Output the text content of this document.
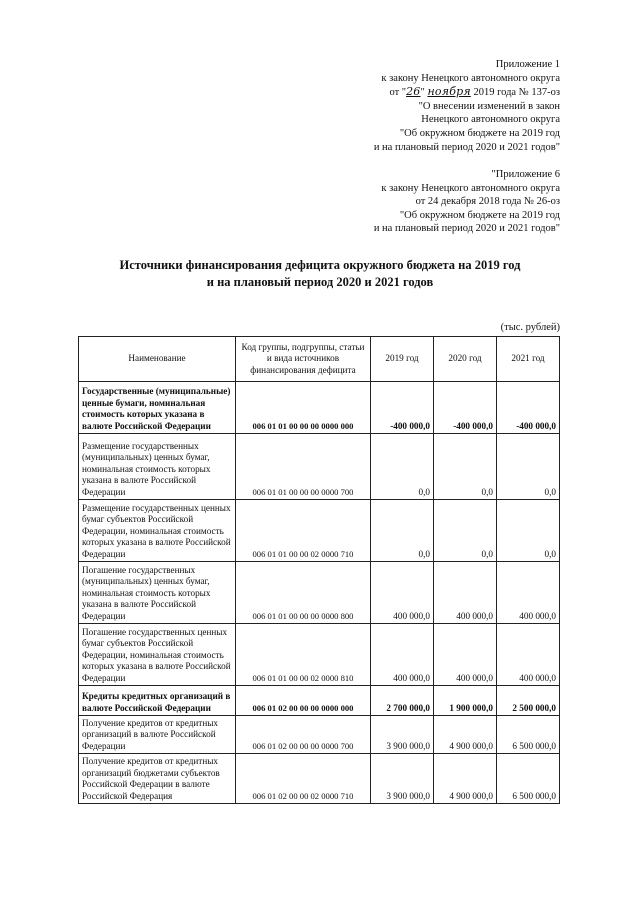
Приложение 1
к закону Ненецкого автономного округа
от "26" ноября 2019 года № 137-оз
"О внесении изменений в закон
Ненецкого автономного округа
"Об окружном бюджете на 2019 год
и на плановый период 2020 и 2021 годов"
"Приложение 6
к закону Ненецкого автономного округа
от 24 декабря 2018 года № 26-оз
"Об окружном бюджете на 2019 год
и на плановый период 2020 и 2021 годов"
Источники финансирования дефицита окружного бюджета на 2019 год
и на плановый период 2020 и 2021 годов
(тыс. рублей)
Наименование	Код группы, подгруппы, статьи и вида источников финансирования дефицита	2019 год	2020 год	2021 год
Государственные (муниципальные) ценные бумаги, номинальная стоимость которых указана в валюте Российской Федерации	006 01 01 00 00 00 0000 000	-400 000,0	-400 000,0	-400 000,0
Размещение государственных (муниципальных) ценных бумаг, номинальная стоимость которых указана в валюте Российской Федерации	006 01 01 00 00 00 0000 700	0,0	0,0	0,0
Размещение государственных ценных бумаг субъектов Российской Федерации, номинальная стоимость которых указана в валюте Российской Федерации	006 01 01 00 00 02 0000 710	0,0	0,0	0,0
Погашение государственных (муниципальных) ценных бумаг, номинальная стоимость которых указана в валюте Российской Федерации	006 01 01 00 00 00 0000 800	400 000,0	400 000,0	400 000,0
Погашение государственных ценных бумаг субъектов Российской Федерации, номинальная стоимость которых указана в валюте Российской Федерации	006 01 01 00 00 02 0000 810	400 000,0	400 000,0	400 000,0
Кредиты кредитных организаций в валюте Российской Федерации	006 01 02 00 00 00 0000 000	2 700 000,0	1 900 000,0	2 500 000,0
Получение кредитов от кредитных организаций в валюте Российской Федерации	006 01 02 00 00 00 0000 700	3 900 000,0	4 900 000,0	6 500 000,0
Получение кредитов от кредитных организаций бюджетами субъектов Российской Федерации в валюте Российской Федерация	006 01 02 00 00 02 0000 710	3 900 000,0	4 900 000,0	6 500 000,0
